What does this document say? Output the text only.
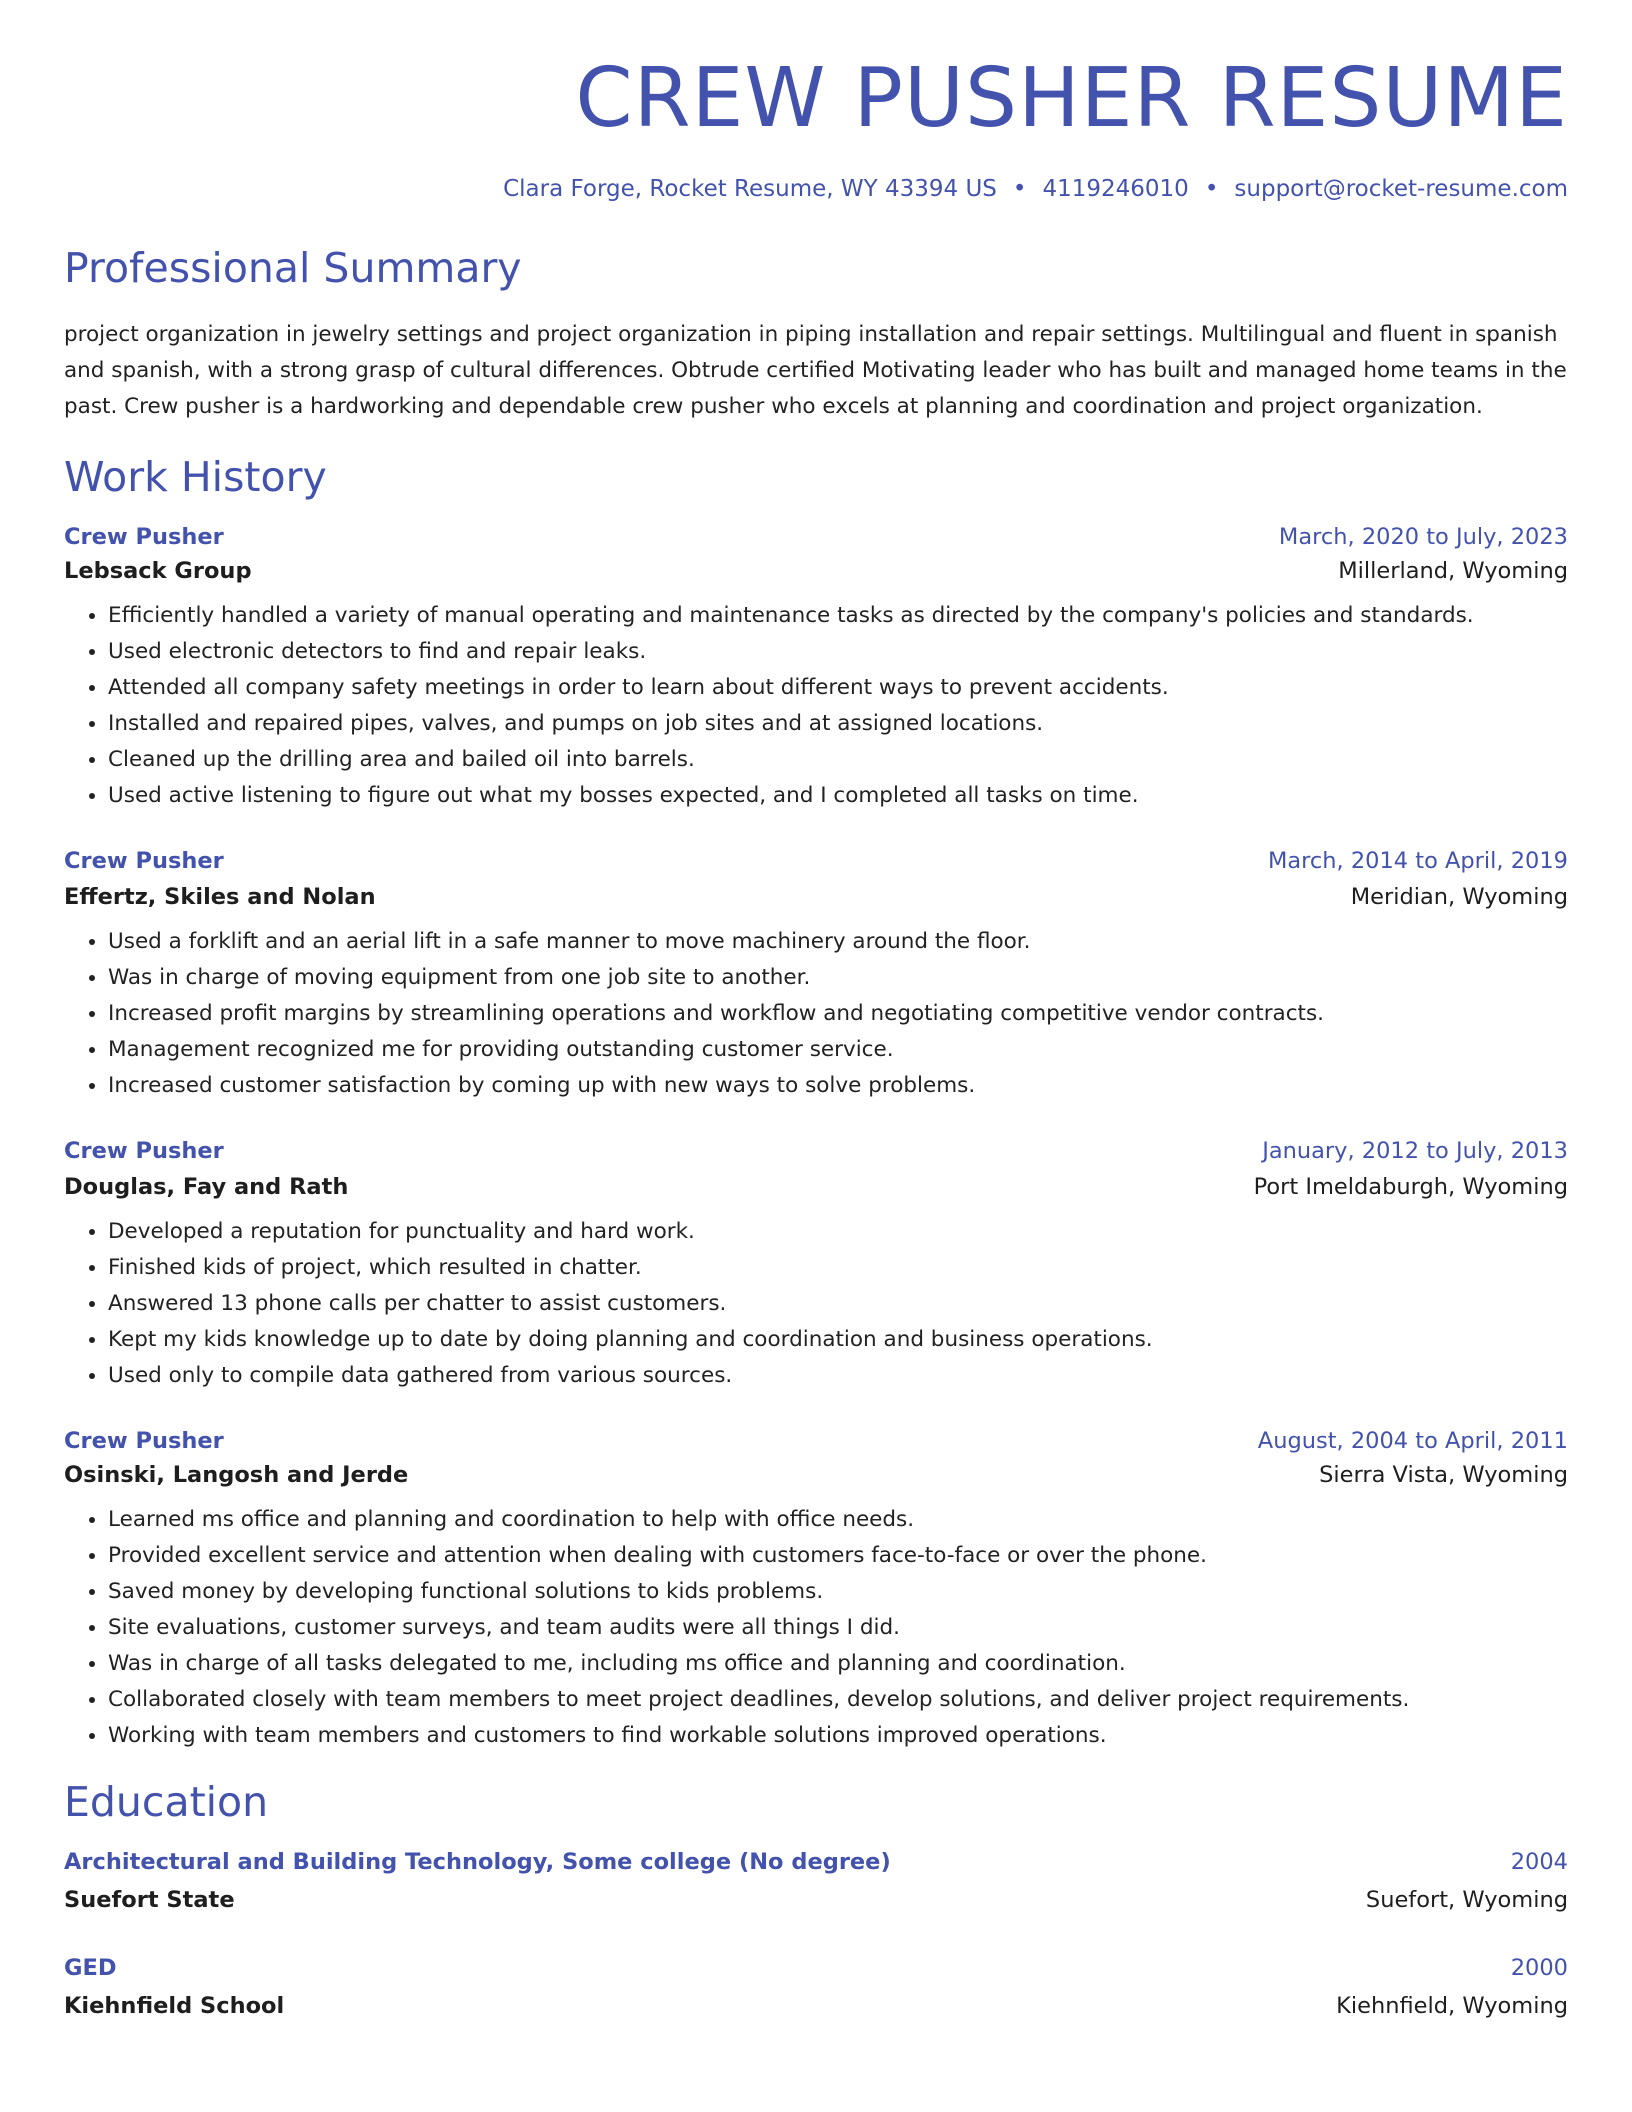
CREW PUSHER RESUME
Clara Forge, Rocket Resume, WY 43394 US • 4119246010 • support@rocket-resume.com
Professional Summary

project organization in jewelry settings and project organization in piping installation and repair settings. Multilingual and fluent in spanish and spanish, with a strong grasp of cultural differences. Obtrude certified Motivating leader who has built and managed home teams in the past. Crew pusher is a hardworking and dependable crew pusher who excels at planning and coordination and project organization.

Work History
Crew Pusher	March, 2020 to July, 2023
Lebsack Group	Millerland, Wyoming
• Efficiently handled a variety of manual operating and maintenance tasks as directed by the company's policies and standards.
• Used electronic detectors to find and repair leaks.
• Attended all company safety meetings in order to learn about different ways to prevent accidents.
• Installed and repaired pipes, valves, and pumps on job sites and at assigned locations.
• Cleaned up the drilling area and bailed oil into barrels.
• Used active listening to figure out what my bosses expected, and I completed all tasks on time.
Crew Pusher	March, 2014 to April, 2019
Effertz, Skiles and Nolan	Meridian, Wyoming
• Used a forklift and an aerial lift in a safe manner to move machinery around the floor.
• Was in charge of moving equipment from one job site to another.
• Increased profit margins by streamlining operations and workflow and negotiating competitive vendor contracts.
• Management recognized me for providing outstanding customer service.
• Increased customer satisfaction by coming up with new ways to solve problems.
Crew Pusher	January, 2012 to July, 2013
Douglas, Fay and Rath	Port Imeldaburgh, Wyoming
• Developed a reputation for punctuality and hard work.
• Finished kids of project, which resulted in chatter.
• Answered 13 phone calls per chatter to assist customers.
• Kept my kids knowledge up to date by doing planning and coordination and business operations.
• Used only to compile data gathered from various sources.
Crew Pusher	August, 2004 to April, 2011
Osinski, Langosh and Jerde	Sierra Vista, Wyoming
• Learned ms office and planning and coordination to help with office needs.
• Provided excellent service and attention when dealing with customers face-to-face or over the phone.
• Saved money by developing functional solutions to kids problems.
• Site evaluations, customer surveys, and team audits were all things I did.
• Was in charge of all tasks delegated to me, including ms office and planning and coordination.
• Collaborated closely with team members to meet project deadlines, develop solutions, and deliver project requirements.
• Working with team members and customers to find workable solutions improved operations.
Education
Architectural and Building Technology, Some college (No degree)	2004
Suefort State	Suefort, Wyoming
GED	2000
Kiehnfield School	Kiehnfield, Wyoming
